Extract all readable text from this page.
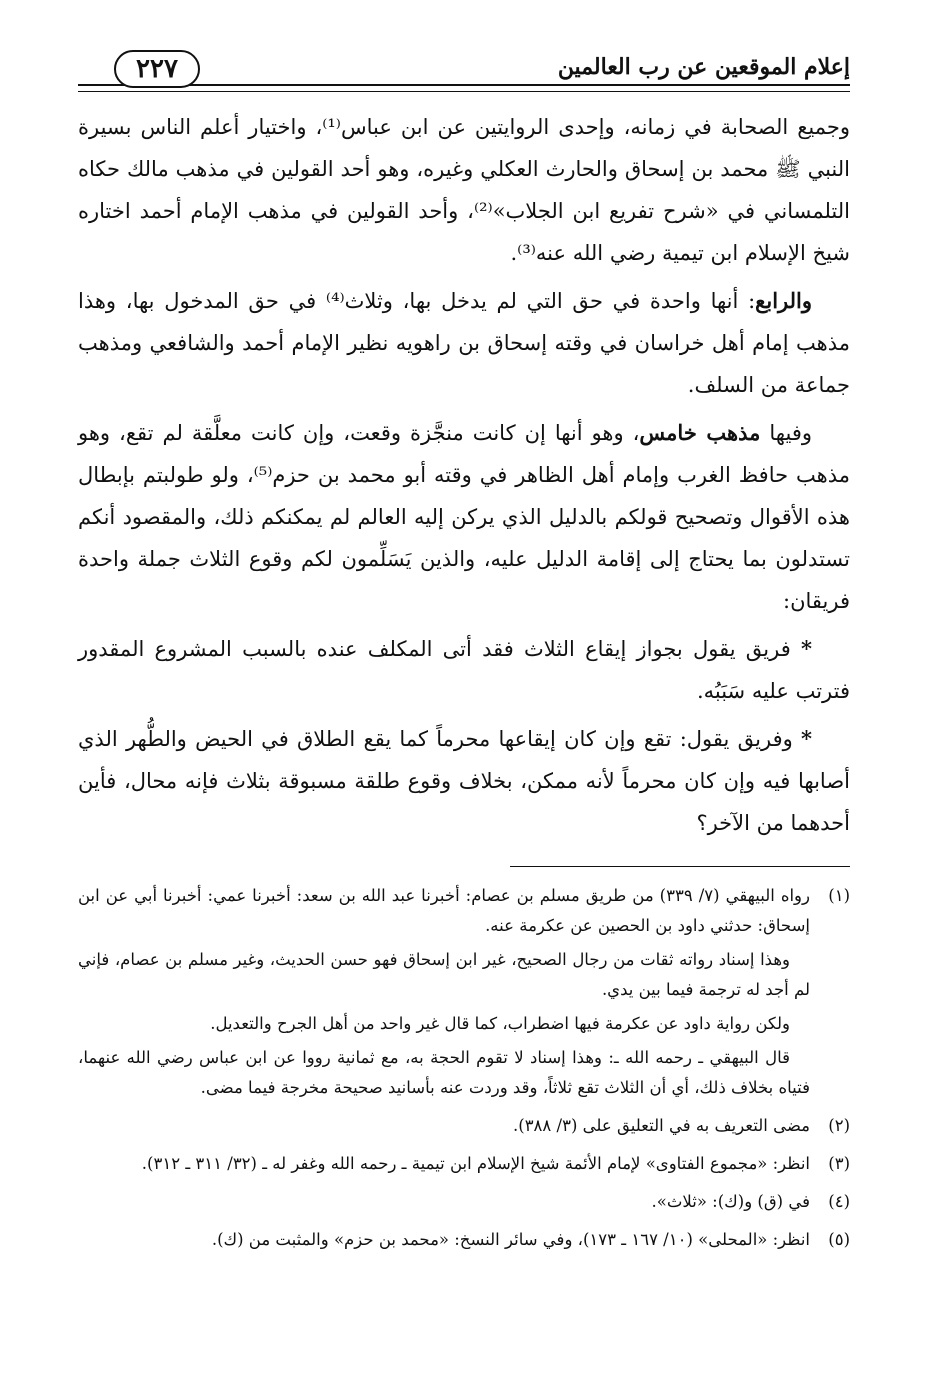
إعلام الموقعين عن رب العالمين
٢٢٧

وجميع الصحابة في زمانه، وإحدى الروايتين عن ابن عباس⁽¹⁾، واختيار أعلم الناس بسيرة النبي ﷺ محمد بن إسحاق والحارث العكلي وغيره، وهو أحد القولين في مذهب مالك حكاه التلمساني في «شرح تفريع ابن الجلاب»⁽²⁾، وأحد القولين في مذهب الإمام أحمد اختاره شيخ الإسلام ابن تيمية رضي الله عنه⁽³⁾.

والرابع: أنها واحدة في حق التي لم يدخل بها، وثلاث⁽⁴⁾ في حق المدخول بها، وهذا مذهب إمام أهل خراسان في وقته إسحاق بن راهويه نظير الإمام أحمد والشافعي ومذهب جماعة من السلف.

وفيها مذهب خامس، وهو أنها إن كانت منجَّزة وقعت، وإن كانت معلَّقة لم تقع، وهو مذهب حافظ الغرب وإمام أهل الظاهر في وقته أبو محمد بن حزم⁽⁵⁾، ولو طولبتم بإبطال هذه الأقوال وتصحيح قولكم بالدليل الذي يركن إليه العالم لم يمكنكم ذلك، والمقصود أنكم تستدلون بما يحتاج إلى إقامة الدليل عليه، والذين يَسَلِّمون لكم وقوع الثلاث جملة واحدة فريقان:

* فريق يقول بجواز إيقاع الثلاث فقد أتى المكلف عنده بالسبب المشروع المقدور فترتب عليه سَبَبُه.

* وفريق يقول: تقع وإن كان إيقاعها محرماً كما يقع الطلاق في الحيض والطُّهر الذي أصابها فيه وإن كان محرماً لأنه ممكن، بخلاف وقوع طلقة مسبوقة بثلاث فإنه محال، فأين أحدهما من الآخر؟

(١)

رواه البيهقي (٧/ ٣٣٩) من طريق مسلم بن عصام: أخبرنا عبد الله بن سعد: أخبرنا عمي: أخبرنا أبي عن ابن إسحاق: حدثني داود بن الحصين عن عكرمة عنه.

وهذا إسناد رواته ثقات من رجال الصحيح، غير ابن إسحاق فهو حسن الحديث، وغير مسلم بن عصام، فإني لم أجد له ترجمة فيما بين يدي.

ولكن رواية داود عن عكرمة فيها اضطراب، كما قال غير واحد من أهل الجرح والتعديل.

قال البيهقي ـ رحمه الله ـ: وهذا إسناد لا تقوم الحجة به، مع ثمانية رووا عن ابن عباس رضي الله عنهما، فتياه بخلاف ذلك، أي أن الثلاث تقع ثلاثاً، وقد وردت عنه بأسانيد صحيحة مخرجة فيما مضى.

(٢)

مضى التعريف به في التعليق على (٣/ ٣٨٨).

(٣)

انظر: «مجموع الفتاوى» لإمام الأئمة شيخ الإسلام ابن تيمية ـ رحمه الله وغفر له ـ (٣٢/ ٣١١ ـ ٣١٢).

(٤)

في (ق) و(ك): «ثلاث».

(٥)

انظر: «المحلى» (١٠/ ١٦٧ ـ ١٧٣)، وفي سائر النسخ: «محمد بن حزم» والمثبت من (ك).
